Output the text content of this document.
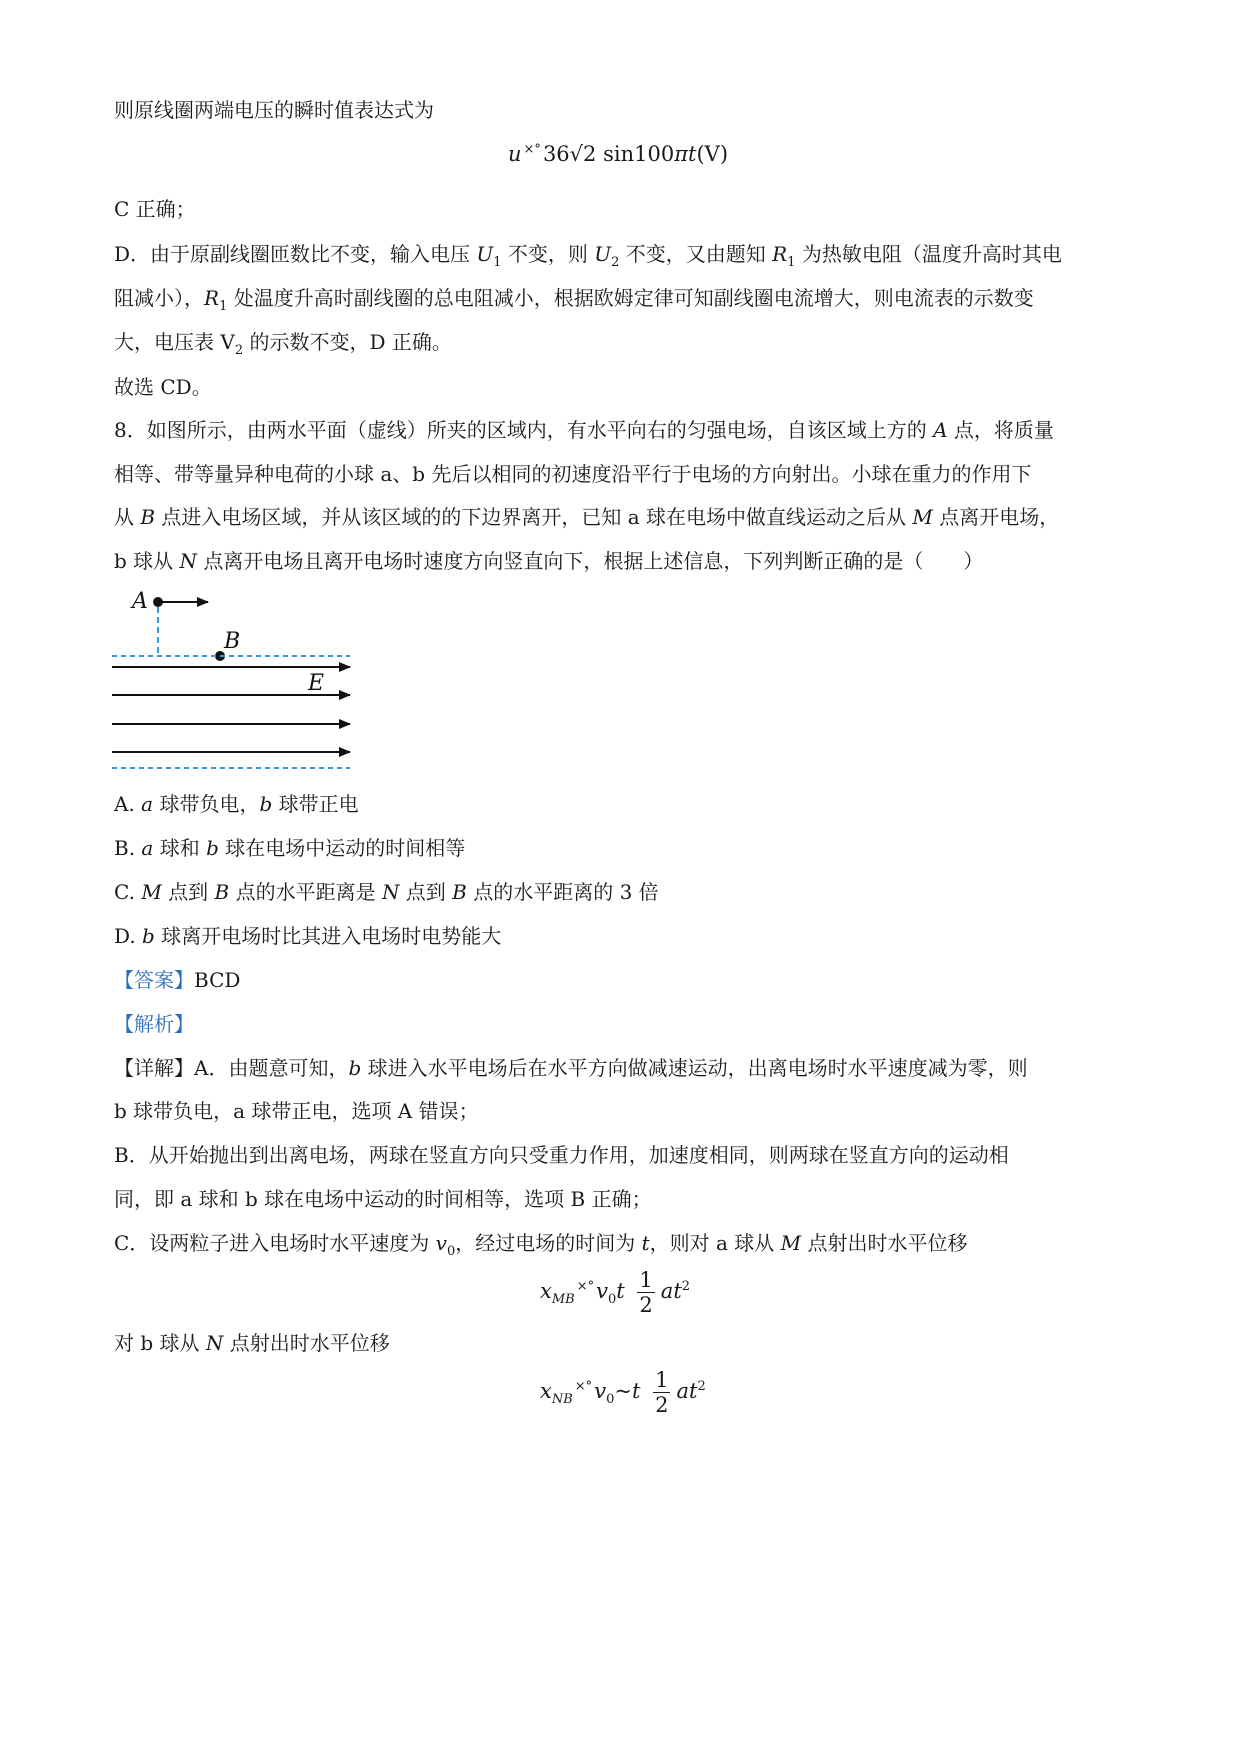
则原线圈两端电压的瞬时值表达式为
u ×°36√2 sin100πt(V)
C 正确；
D．由于原副线圈匝数比不变，输入电压 $U_1$ 不变，则 $U_2$ 不变，又由题知 $R_1$ 为热敏电阻（温度升高时其电
阻减小），$R_1$ 处温度升高时副线圈的总电阻减小，根据欧姆定律可知副线圈电流增大，则电流表的示数变
大，电压表 $V_2$ 的示数不变，D 正确。
故选 CD。
8．如图所示，由两水平面（虚线）所夹的区域内，有水平向右的匀强电场，自该区域上方的 A 点，将质量
相等、带等量异种电荷的小球 a、b 先后以相同的初速度沿平行于电场的方向射出。小球在重力的作用下
从 B 点进入电场区域，并从该区域的的下边界离开，已知 a 球在电场中做直线运动之后从 M 点离开电场，
b 球从 N 点离开电场且离开电场时速度方向竖直向下，根据上述信息，下列判断正确的是（　　）
A
B
E
A. a 球带负电，b 球带正电
B. a 球和 b 球在电场中运动的时间相等
C. M 点到 B 点的水平距离是 N 点到 B 点的水平距离的 3 倍
D. b 球离开电场时比其进入电场时电势能大
【答案】BCD
【解析】
【详解】A．由题意可知，b 球进入水平电场后在水平方向做减速运动，出离电场时水平速度减为零，则
b 球带负电，a 球带正电，选项 A 错误；
B．从开始抛出到出离电场，两球在竖直方向只受重力作用，加速度相同，则两球在竖直方向的运动相
同，即 a 球和 b 球在电场中运动的时间相等，选项 B 正确；
C．设两粒子进入电场时水平速度为 $v_0$，经过电场的时间为 t，则对 a 球从 M 点射出时水平位移
$x_{MB}^{\times^\circ}v_0t \frac{1}{2} at^2$
对 b 球从 N 点射出时水平位移
$x_{NB}^{\times^\circ}v_0\sim t \frac{1}{2} at^2$
